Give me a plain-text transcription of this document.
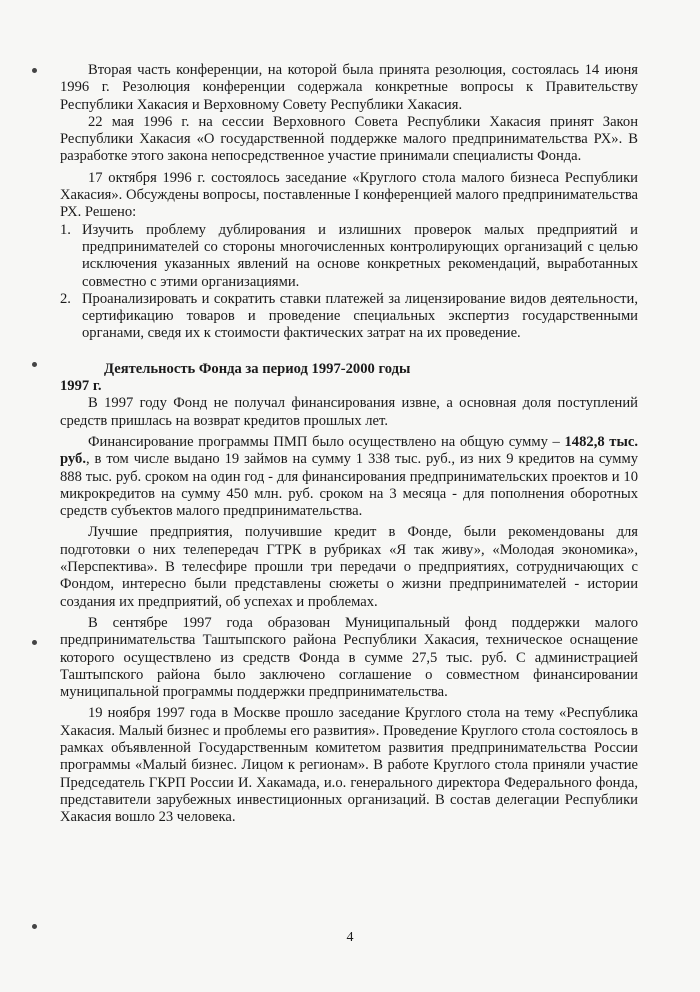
Вторая часть конференции, на которой была принята резолюция, состоялась 14 июня 1996 г. Резолюция конференции содержала конкретные вопросы к Правительству Республики Хакасия и Верховному Совету Республики Хакасия.

22 мая 1996 г. на сессии Верховного Совета Республики Хакасия принят Закон Республики Хакасия «О государственной поддержке малого предпринимательства РХ». В разработке этого закона непосредственное участие принимали специалисты Фонда.

17 октября 1996 г. состоялось заседание «Круглого стола малого бизнеса Республики Хакасия». Обсуждены вопросы, поставленные I конференцией малого предпринимательства РХ. Решено:

1. Изучить проблему дублирования и излишних проверок малых предприятий и предпринимателей со стороны многочисленных контролирующих организаций с целью исключения указанных явлений на основе конкретных рекомендаций, выработанных совместно с этими организациями.
2. Проанализировать и сократить ставки платежей за лицензирование видов деятельности, сертификацию товаров и проведение специальных экспертиз государственными органами, сведя их к стоимости фактических затрат на их проведение.

Деятельность Фонда за период 1997-2000 годы

1997 г.

В 1997 году Фонд не получал финансирования извне, а основная доля поступлений средств пришлась на возврат кредитов прошлых лет.

Финансирование программы ПМП было осуществлено на общую сумму – 1482,8 тыс. руб., в том числе выдано 19 займов на сумму 1 338 тыс. руб., из них 9 кредитов на сумму 888 тыс. руб. сроком на один год - для финансирования предпринимательских проектов и 10 микрокредитов на сумму 450 млн. руб. сроком на 3 месяца - для пополнения оборотных средств субъектов малого предпринимательства.

Лучшие предприятия, получившие кредит в Фонде, были рекомендованы для подготовки о них телепередач ГТРК в рубриках «Я так живу», «Молодая экономика», «Перспектива». В телесфире прошли три передачи о предприятиях, сотрудничающих с Фондом, интересно были представлены сюжеты о жизни предпринимателей - истории создания их предприятий, об успехах и проблемах.

В сентябре 1997 года образован Муниципальный фонд поддержки малого предпринимательства Таштыпского района Республики Хакасия, техническое оснащение которого осуществлено из средств Фонда в сумме 27,5 тыс. руб. С администрацией Таштыпского района было заключено соглашение о совместном финансировании муниципальной программы поддержки предпринимательства.

19 ноября 1997 года в Москве прошло заседание Круглого стола на тему «Республика Хакасия. Малый бизнес и проблемы его развития». Проведение Круглого стола состоялось в рамках объявленной Государственным комитетом развития предпринимательства России программы «Малый бизнес. Лицом к регионам». В работе Круглого стола приняли участие Председатель ГКРП России И. Хакамада, и.о. генерального директора Федерального фонда, представители зарубежных инвестиционных организаций. В состав делегации Республики Хакасия вошло 23 человека.

4
